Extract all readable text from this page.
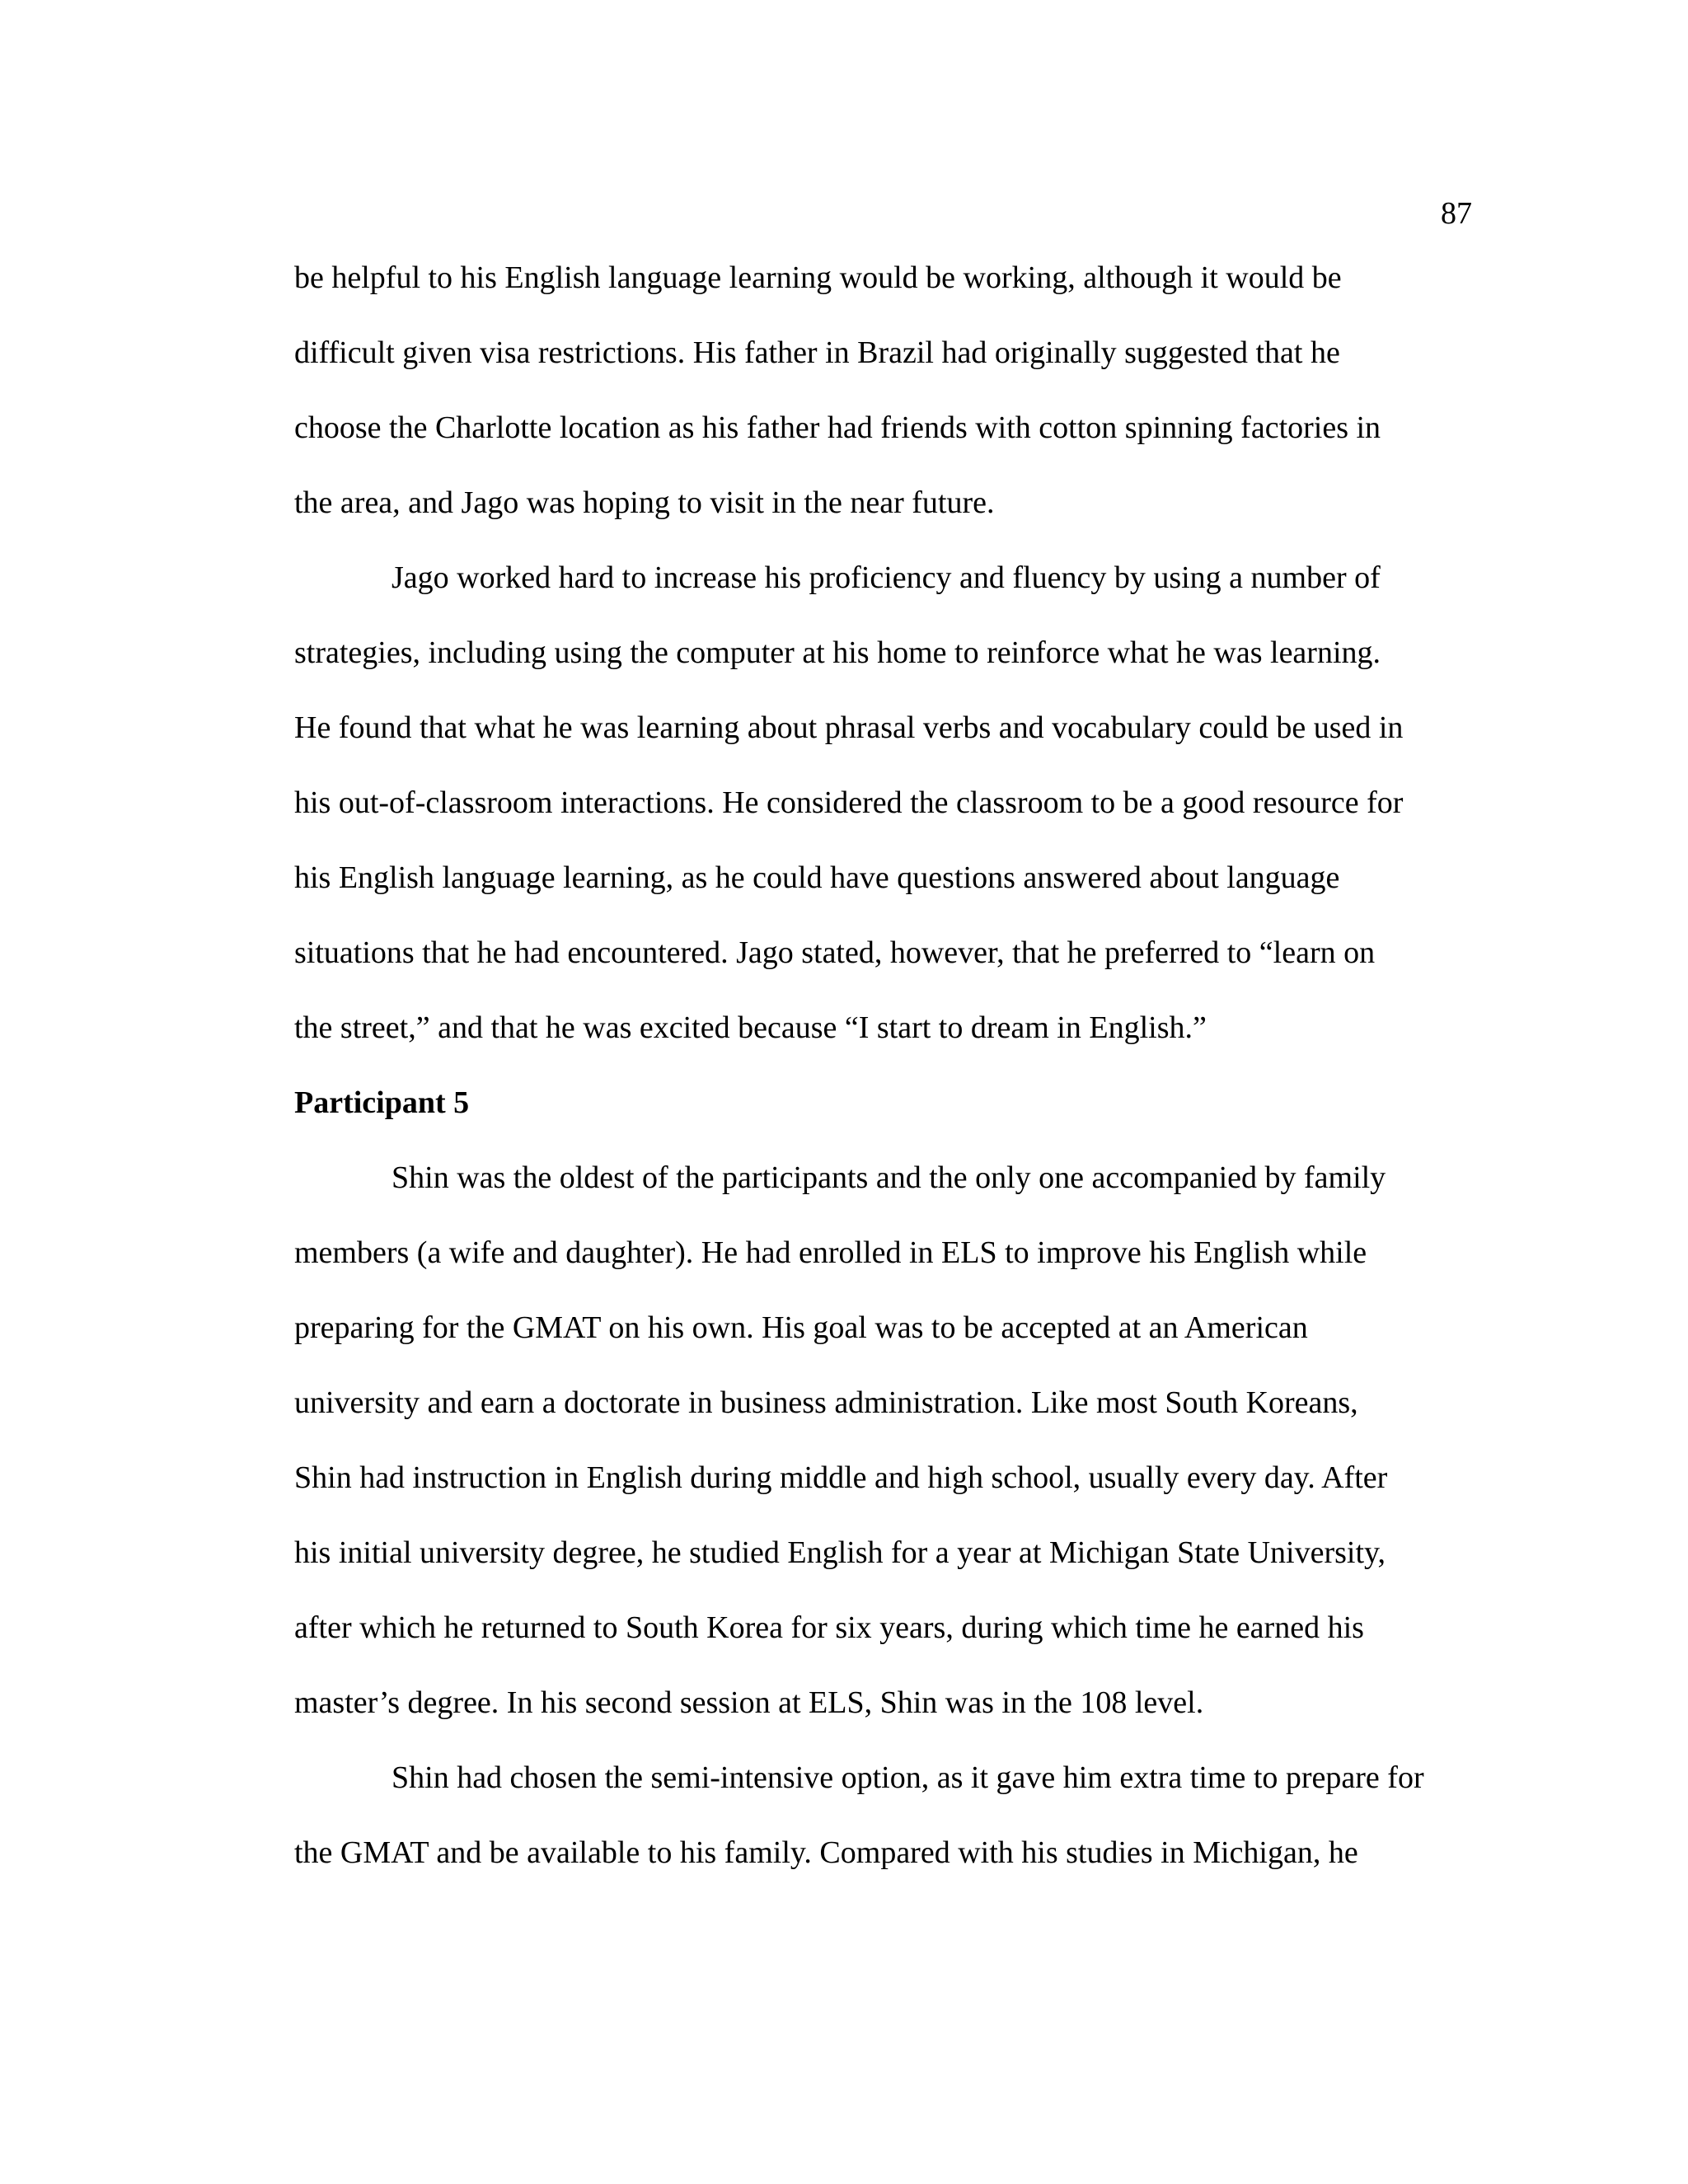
87
be helpful to his English language learning would be working, although it would be
difficult given visa restrictions. His father in Brazil had originally suggested that he
choose the Charlotte location as his father had friends with cotton spinning factories in
the area, and Jago was hoping to visit in the near future.
Jago worked hard to increase his proficiency and fluency by using a number of
strategies, including using the computer at his home to reinforce what he was learning.
He found that what he was learning about phrasal verbs and vocabulary could be used in
his out-of-classroom interactions. He considered the classroom to be a good resource for
his English language learning, as he could have questions answered about language
situations that he had encountered. Jago stated, however, that he preferred to “learn on
the street,” and that he was excited because “I start to dream in English.”
Participant 5
Shin was the oldest of the participants and the only one accompanied by family
members (a wife and daughter). He had enrolled in ELS to improve his English while
preparing for the GMAT on his own. His goal was to be accepted at an American
university and earn a doctorate in business administration. Like most South Koreans,
Shin had instruction in English during middle and high school, usually every day. After
his initial university degree, he studied English for a year at Michigan State University,
after which he returned to South Korea for six years, during which time he earned his
master’s degree. In his second session at ELS, Shin was in the 108 level.
Shin had chosen the semi-intensive option, as it gave him extra time to prepare for
the GMAT and be available to his family. Compared with his studies in Michigan, he
